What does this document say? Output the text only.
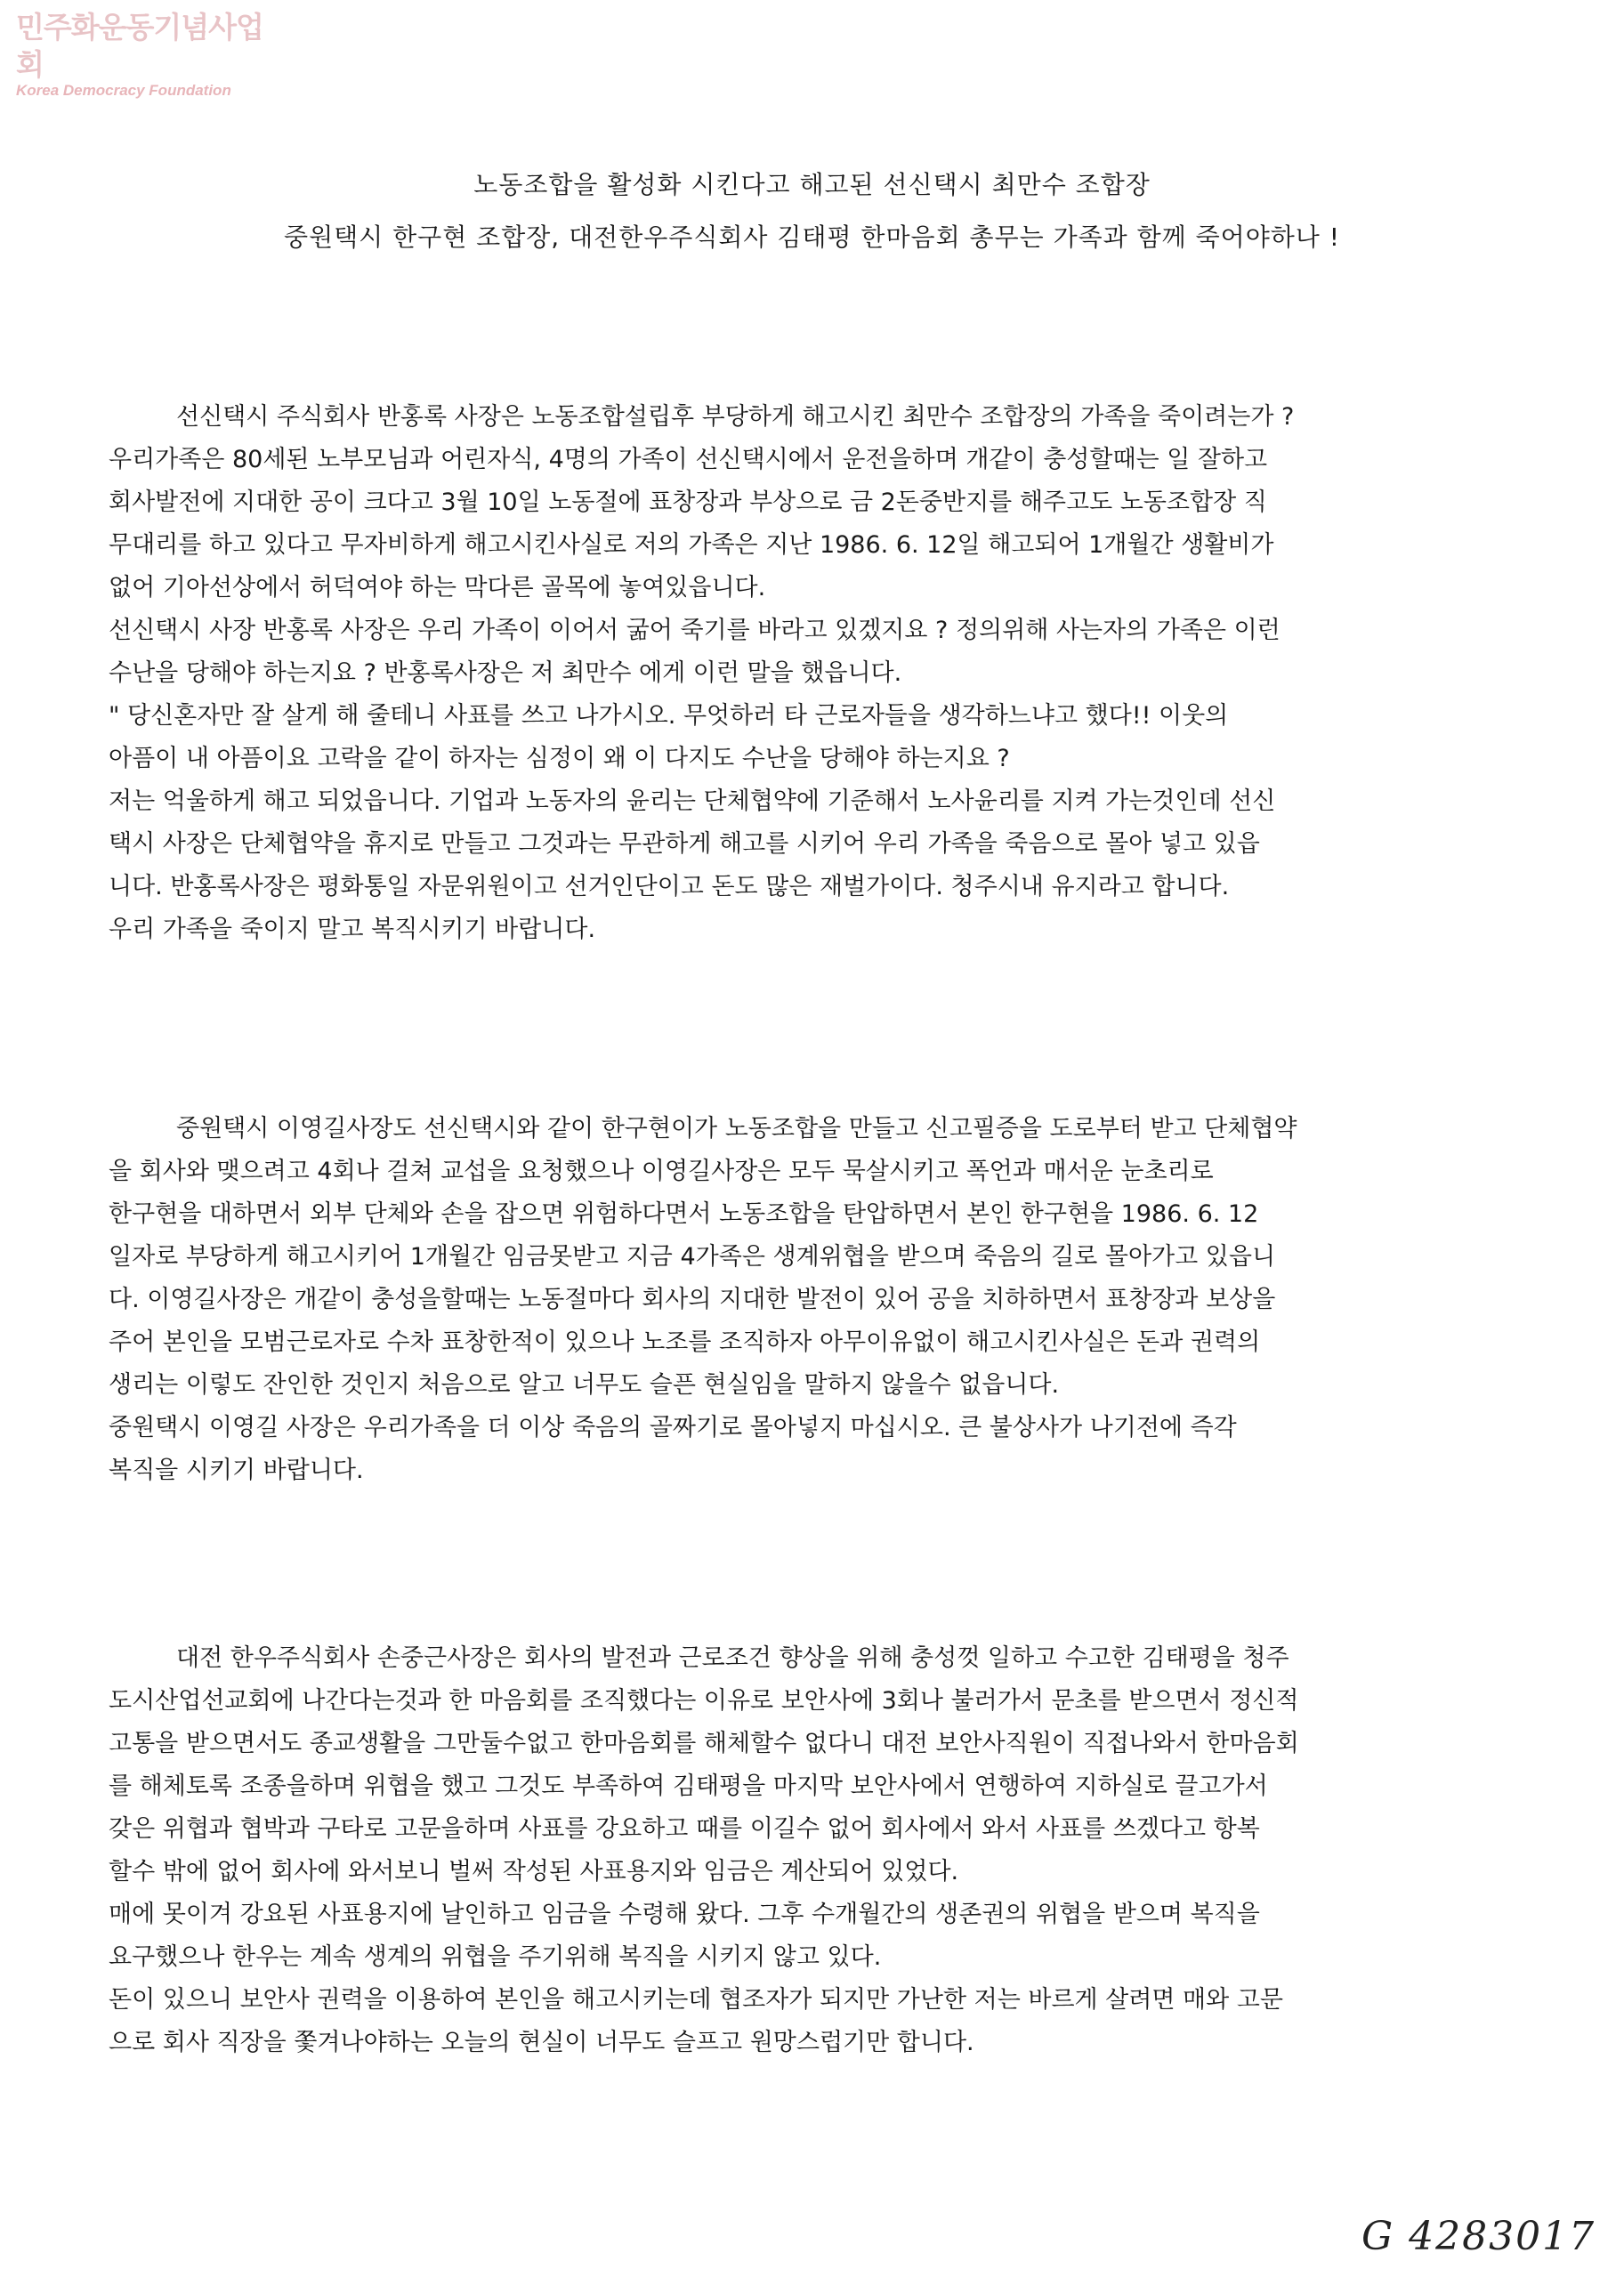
민주화운동기념사업회
Korea Democracy Foundation
노동조합을 활성화 시킨다고 해고된 선신택시 최만수 조합장
중원택시 한구현 조합장, 대전한우주식회사 김태평 한마음회 총무는 가족과 함께 죽어야하나 !

선신택시 주식회사 반홍록 사장은 노동조합설립후 부당하게 해고시킨 최만수 조합장의 가족을 죽이려는가 ?
우리가족은 80세된 노부모님과 어린자식, 4명의 가족이 선신택시에서 운전을하며 개같이 충성할때는 일 잘하고
회사발전에 지대한 공이 크다고 3월 10일 노동절에 표창장과 부상으로 금 2돈중반지를 해주고도 노동조합장 직
무대리를 하고 있다고 무자비하게 해고시킨사실로 저의 가족은 지난 1986. 6. 12일 해고되어 1개월간 생활비가
없어 기아선상에서 허덕여야 하는 막다른 골목에 놓여있읍니다.

선신택시 사장 반홍록 사장은 우리 가족이 이어서 굶어 죽기를 바라고 있겠지요 ? 정의위해 사는자의 가족은 이런
수난을 당해야 하는지요 ? 반홍록사장은 저 최만수 에게 이런 말을 했읍니다.

" 당신혼자만 잘 살게 해 줄테니 사표를 쓰고 나가시오. 무엇하러 타 근로자들을 생각하느냐고 했다!! 이웃의
아픔이 내 아픔이요 고락을 같이 하자는 심정이 왜 이 다지도 수난을 당해야 하는지요 ?

저는 억울하게 해고 되었읍니다. 기업과 노동자의 윤리는 단체협약에 기준해서 노사윤리를 지켜 가는것인데 선신
택시 사장은 단체협약을 휴지로 만들고 그것과는 무관하게 해고를 시키어 우리 가족을 죽음으로 몰아 넣고 있읍
니다. 반홍록사장은 평화통일 자문위원이고 선거인단이고 돈도 많은 재벌가이다. 청주시내 유지라고 합니다.
우리 가족을 죽이지 말고 복직시키기 바랍니다.

중원택시 이영길사장도 선신택시와 같이 한구현이가 노동조합을 만들고 신고필증을 도로부터 받고 단체협약
을 회사와 맺으려고 4회나 걸쳐 교섭을 요청했으나 이영길사장은 모두 묵살시키고 폭언과 매서운 눈초리로
한구현을 대하면서 외부 단체와 손을 잡으면 위험하다면서 노동조합을 탄압하면서 본인 한구현을 1986. 6. 12
일자로 부당하게 해고시키어 1개월간 임금못받고 지금 4가족은 생계위협을 받으며 죽음의 길로 몰아가고 있읍니
다. 이영길사장은 개같이 충성을할때는 노동절마다 회사의 지대한 발전이 있어 공을 치하하면서 표창장과 보상을
주어 본인을 모범근로자로 수차 표창한적이 있으나 노조를 조직하자 아무이유없이 해고시킨사실은 돈과 권력의
생리는 이렇도 잔인한 것인지 처음으로 알고 너무도 슬픈 현실임을 말하지 않을수 없읍니다.

중원택시 이영길 사장은 우리가족을 더 이상 죽음의 골짜기로 몰아넣지 마십시오. 큰 불상사가 나기전에 즉각
복직을 시키기 바랍니다.

대전 한우주식회사 손중근사장은 회사의 발전과 근로조건 향상을 위해 충성껏 일하고 수고한 김태평을 청주
도시산업선교회에 나간다는것과 한 마음회를 조직했다는 이유로 보안사에 3회나 불러가서 문초를 받으면서 정신적
고통을 받으면서도 종교생활을 그만둘수없고 한마음회를 해체할수 없다니 대전 보안사직원이 직접나와서 한마음회
를 해체토록 조종을하며 위협을 했고 그것도 부족하여 김태평을 마지막 보안사에서 연행하여 지하실로 끌고가서
갖은 위협과 협박과 구타로 고문을하며 사표를 강요하고 때를 이길수 없어 회사에서 와서 사표를 쓰겠다고 항복
할수 밖에 없어 회사에 와서보니 벌써 작성된 사표용지와 임금은 계산되어 있었다.

매에 못이겨 강요된 사표용지에 날인하고 임금을 수령해 왔다. 그후 수개월간의 생존권의 위협을 받으며 복직을
요구했으나 한우는 계속 생계의 위협을 주기위해 복직을 시키지 않고 있다.

돈이 있으니 보안사 권력을 이용하여 본인을 해고시키는데 협조자가 되지만 가난한 저는 바르게 살려면 매와 고문
으로 회사 직장을 쫓겨나야하는 오늘의 현실이 너무도 슬프고 원망스럽기만 합니다.

G 4283017
